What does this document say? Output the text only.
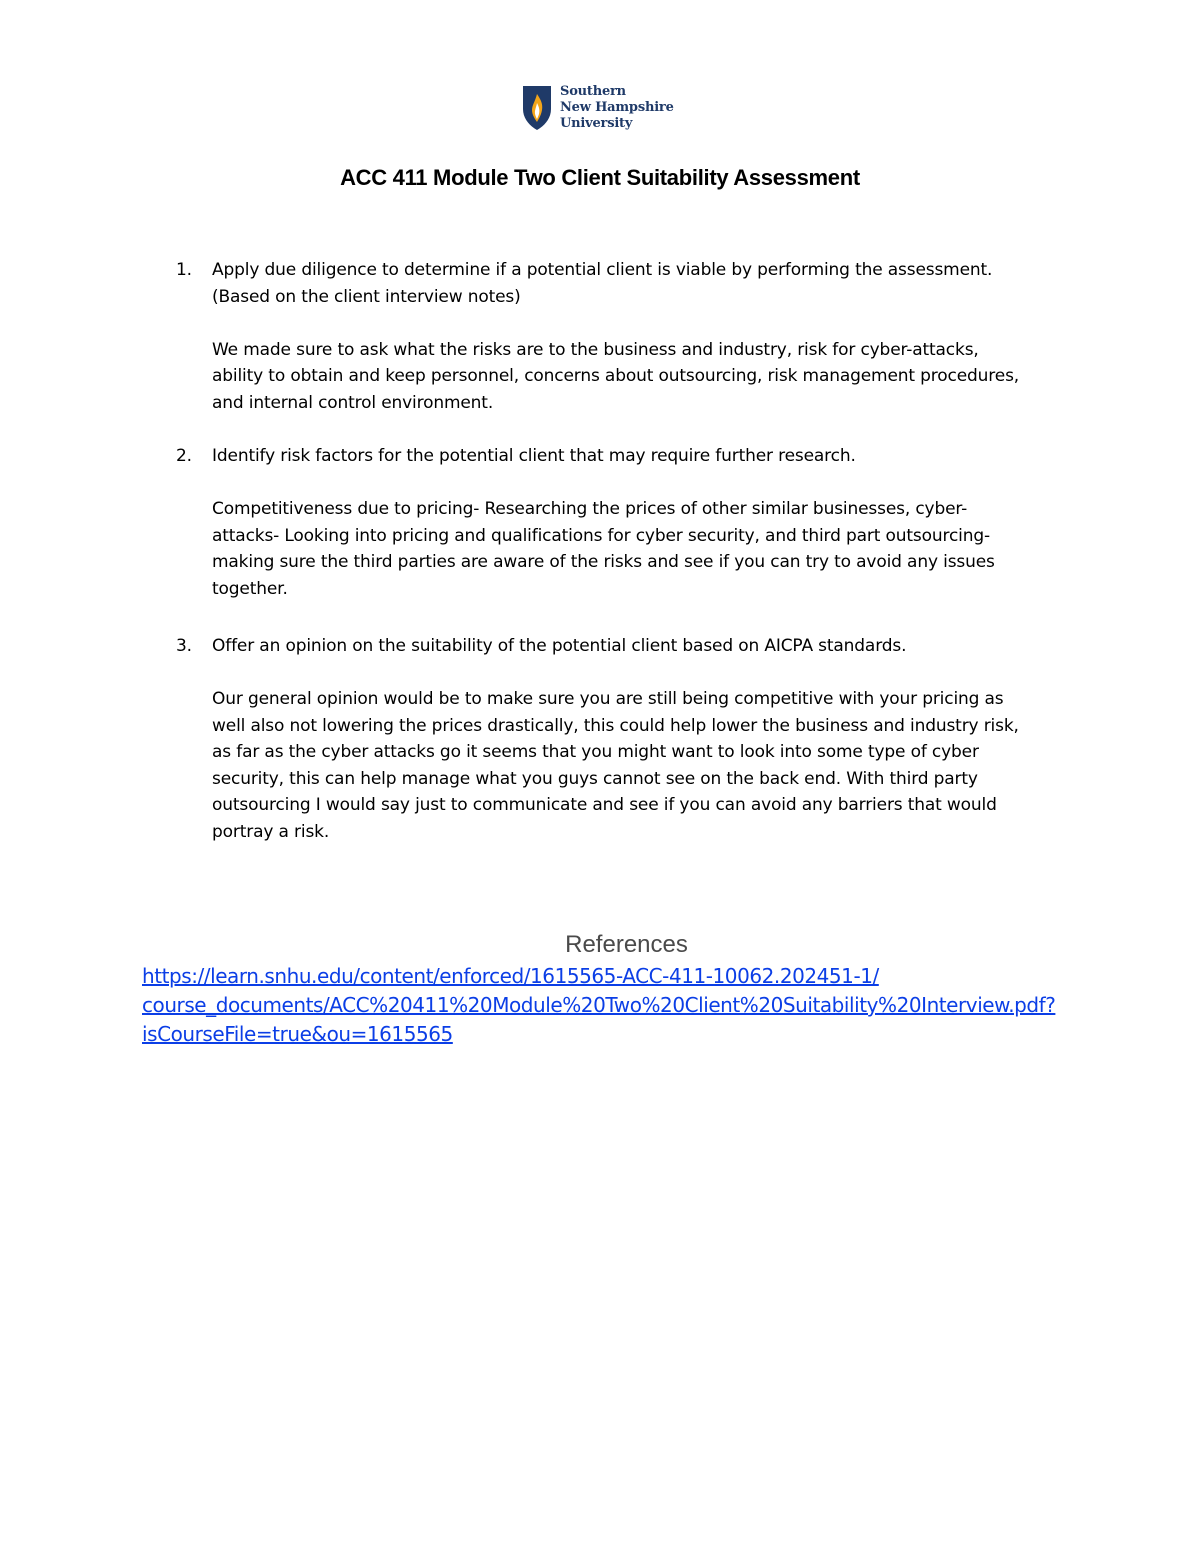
Southern
New Hampshire
University
ACC 411 Module Two Client Suitability Assessment
1.	Apply due diligence to determine if a potential client is viable by performing the assessment.
(Based on the client interview notes)
We made sure to ask what the risks are to the business and industry, risk for cyber-attacks,
ability to obtain and keep personnel, concerns about outsourcing, risk management procedures,
and internal control environment.
2.	Identify risk factors for the potential client that may require further research.
Competitiveness due to pricing- Researching the prices of other similar businesses, cyber-
attacks- Looking into pricing and qualifications for cyber security, and third part outsourcing-
making sure the third parties are aware of the risks and see if you can try to avoid any issues
together.
3.	Offer an opinion on the suitability of the potential client based on AICPA standards.
Our general opinion would be to make sure you are still being competitive with your pricing as
well also not lowering the prices drastically, this could help lower the business and industry risk,
as far as the cyber attacks go it seems that you might want to look into some type of cyber
security, this can help manage what you guys cannot see on the back end. With third party
outsourcing I would say just to communicate and see if you can avoid any barriers that would
portray a risk.
References
https://learn.snhu.edu/content/enforced/1615565-ACC-411-10062.202451-1/
course_documents/ACC%20411%20Module%20Two%20Client%20Suitability%20Interview.pdf?
isCourseFile=true&ou=1615565
